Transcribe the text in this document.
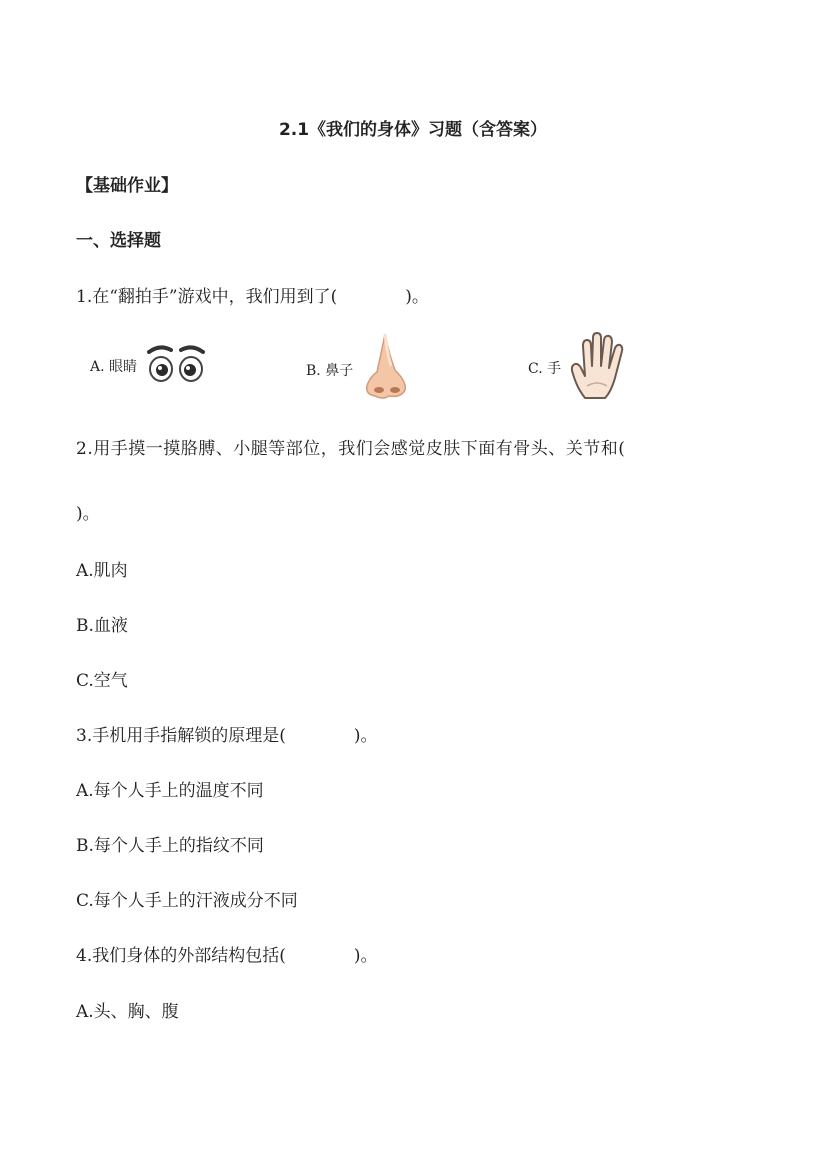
2.1《我们的身体》习题（含答案）
【基础作业】
一、选择题
1.在“翻拍手”游戏中，我们用到了(　　　　)。
A. 眼睛	B. 鼻子	C. 手
2.用手摸一摸胳膊、小腿等部位，我们会感觉皮肤下面有骨头、关节和(
)。
A.肌肉
B.血液
C.空气
3.手机用手指解锁的原理是(　　　　)。
A.每个人手上的温度不同
B.每个人手上的指纹不同
C.每个人手上的汗液成分不同
4.我们身体的外部结构包括(　　　　)。
A.头、胸、腹
